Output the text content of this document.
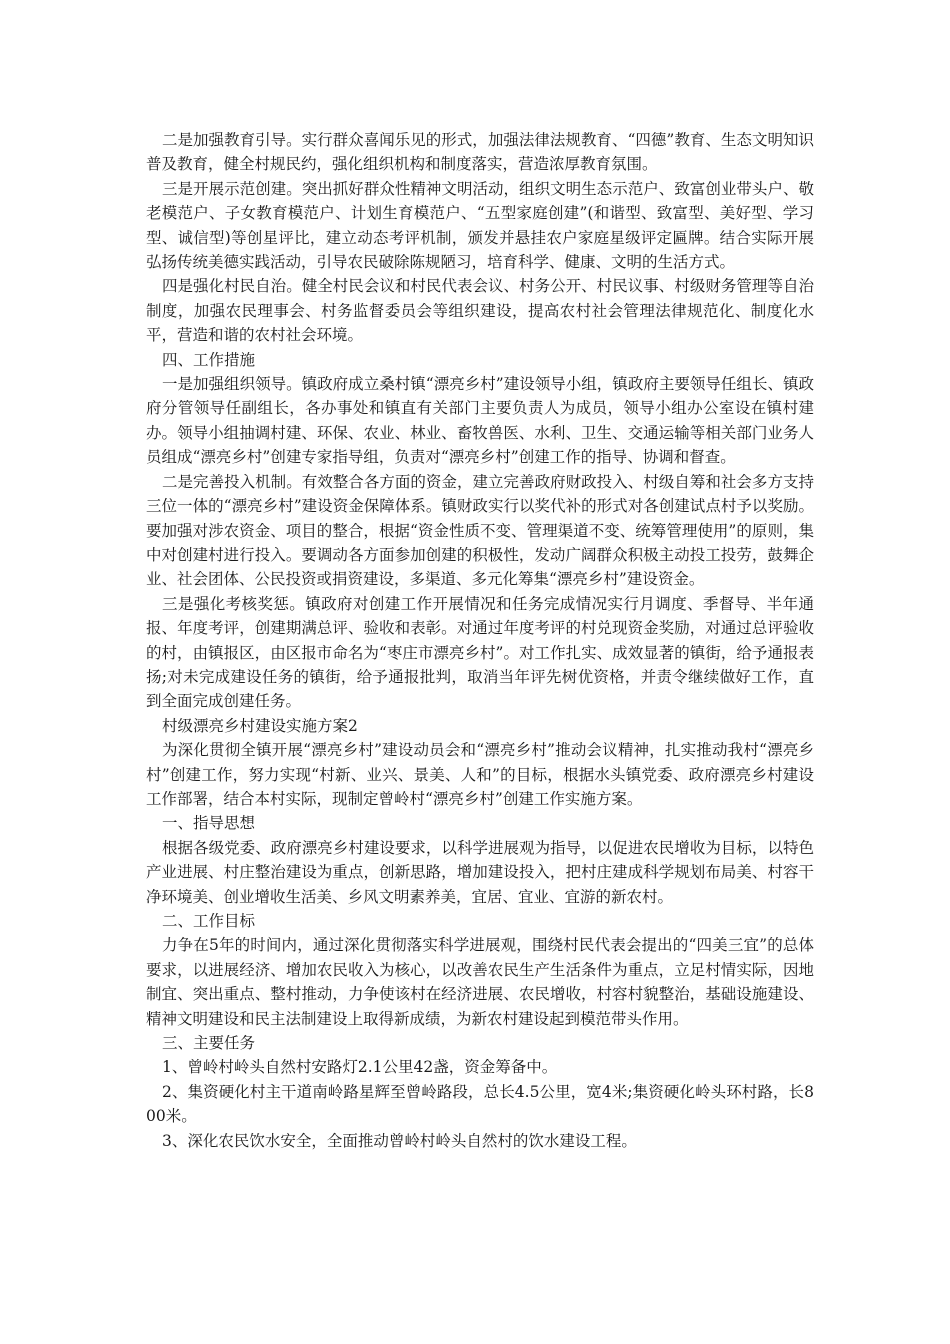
二是加强教育引导。实行群众喜闻乐见的形式，加强法律法规教育、“四德”教育、生态文明知识普及教育，健全村规民约，强化组织机构和制度落实，营造浓厚教育氛围。

三是开展示范创建。突出抓好群众性精神文明活动，组织文明生态示范户、致富创业带头户、敬老模范户、子女教育模范户、计划生育模范户、“五型家庭创建”(和谐型、致富型、美好型、学习型、诚信型)等创星评比，建立动态考评机制，颁发并悬挂农户家庭星级评定匾牌。结合实际开展弘扬传统美德实践活动，引导农民破除陈规陋习，培育科学、健康、文明的生活方式。

四是强化村民自治。健全村民会议和村民代表会议、村务公开、村民议事、村级财务管理等自治制度，加强农民理事会、村务监督委员会等组织建设，提高农村社会管理法律规范化、制度化水平，营造和谐的农村社会环境。

四、工作措施

一是加强组织领导。镇政府成立桑村镇“漂亮乡村”建设领导小组，镇政府主要领导任组长、镇政府分管领导任副组长，各办事处和镇直有关部门主要负责人为成员，领导小组办公室设在镇村建办。领导小组抽调村建、环保、农业、林业、畜牧兽医、水利、卫生、交通运输等相关部门业务人员组成“漂亮乡村”创建专家指导组，负责对“漂亮乡村”创建工作的指导、协调和督查。

二是完善投入机制。有效整合各方面的资金，建立完善政府财政投入、村级自筹和社会多方支持三位一体的“漂亮乡村”建设资金保障体系。镇财政实行以奖代补的形式对各创建试点村予以奖励。要加强对涉农资金、项目的整合，根据“资金性质不变、管理渠道不变、统筹管理使用”的原则，集中对创建村进行投入。要调动各方面参加创建的积极性，发动广阔群众积极主动投工投劳，鼓舞企业、社会团体、公民投资或捐资建设，多渠道、多元化筹集“漂亮乡村”建设资金。

三是强化考核奖惩。镇政府对创建工作开展情况和任务完成情况实行月调度、季督导、半年通报、年度考评，创建期满总评、验收和表彰。对通过年度考评的村兑现资金奖励，对通过总评验收的村，由镇报区，由区报市命名为“枣庄市漂亮乡村”。对工作扎实、成效显著的镇街，给予通报表扬;对未完成建设任务的镇街，给予通报批判，取消当年评先树优资格，并责令继续做好工作，直到全面完成创建任务。

村级漂亮乡村建设实施方案2

为深化贯彻全镇开展“漂亮乡村”建设动员会和“漂亮乡村”推动会议精神，扎实推动我村“漂亮乡村”创建工作，努力实现“村新、业兴、景美、人和”的目标，根据水头镇党委、政府漂亮乡村建设工作部署，结合本村实际，现制定曾岭村“漂亮乡村”创建工作实施方案。

一、指导思想

根据各级党委、政府漂亮乡村建设要求，以科学进展观为指导，以促进农民增收为目标，以特色产业进展、村庄整治建设为重点，创新思路，增加建设投入，把村庄建成科学规划布局美、村容干净环境美、创业增收生活美、乡风文明素养美，宜居、宜业、宜游的新农村。

二、工作目标

力争在5年的时间内，通过深化贯彻落实科学进展观，围绕村民代表会提出的“四美三宜”的总体要求，以进展经济、增加农民收入为核心，以改善农民生产生活条件为重点，立足村情实际，因地制宜、突出重点、整村推动，力争使该村在经济进展、农民增收，村容村貌整治，基础设施建设、精神文明建设和民主法制建设上取得新成绩，为新农村建设起到模范带头作用。

三、主要任务

1、曾岭村岭头自然村安路灯2.1公里42盏，资金筹备中。

2、集资硬化村主干道南岭路星辉至曾岭路段，总长4.5公里，宽4米;集资硬化岭头环村路，长800米。

3、深化农民饮水安全，全面推动曾岭村岭头自然村的饮水建设工程。
